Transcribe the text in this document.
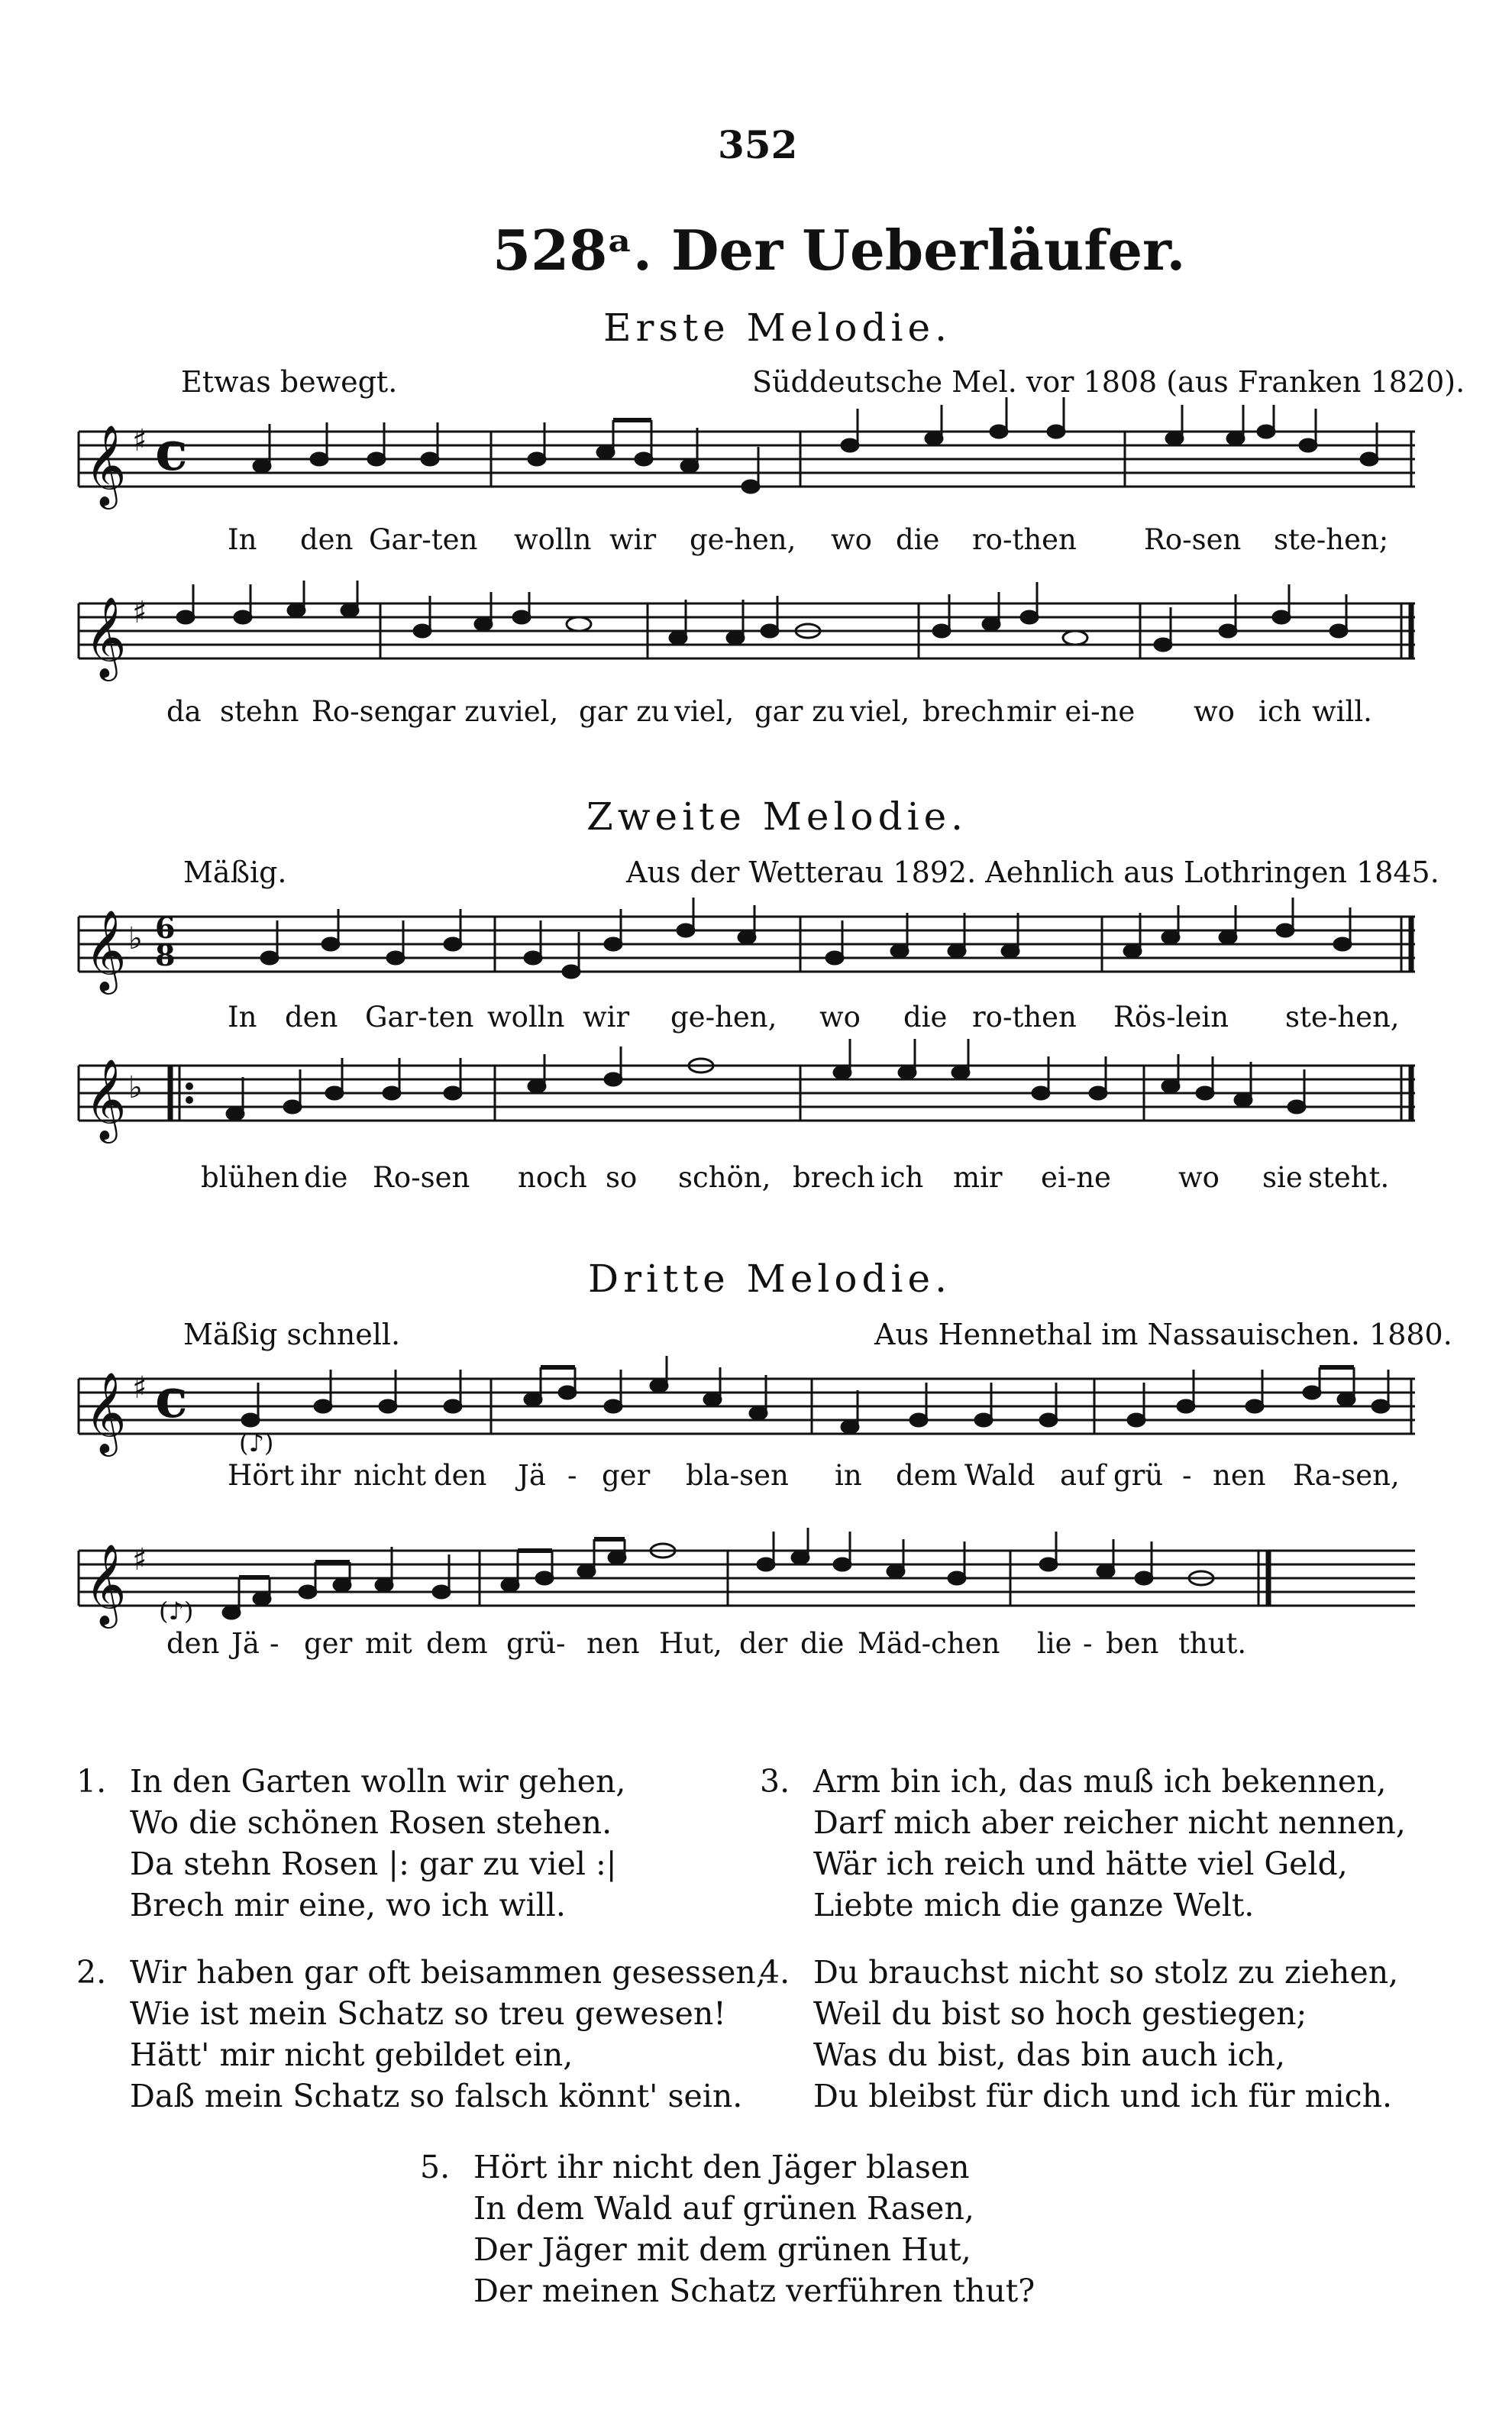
352
528ᵃ. Der Ueberläufer.
Erste Melodie.
Etwas bewegt.	Süddeutsche Mel. vor 1808 (aus Franken 1820).
𝄞 c
♯
In den Gar-ten wolln wir ge-hen, wo die ro-then Ro-sen ste-hen;
𝄞 ♯
da stehn Ro-sen
gar zu viel, gar zu viel, gar zu viel, brech mir ei-ne wo ich will.
Zweite Melodie.
Mäßig.	Aus der Wetterau 1892. Aehnlich aus Lothringen 1845.
𝄞 ♭ 6
8
In den Gar-ten wolln wir ge-hen, wo die ro-then Rös-lein ste-hen,
𝄞 ♭
blühen die Ro-sen noch so schön, brech ich mir ei-ne wo sie steht.
Dritte Melodie.
Mäßig schnell.	Aus Hennethal im Nassauischen. 1880.
𝄞 c
♯
(♪)
Hört ihr nicht den Jä - ger bla-sen in dem Wald auf grü - nen Ra-sen,
𝄞 ♯
(♪)
den Jä - ger mit dem grü - nen Hut, der die Mäd-chen lie - ben thut.
1. In den Garten wolln wir gehen,
Wo die schönen Rosen stehen.
Da stehn Rosen |: gar zu viel :|
Brech mir eine, wo ich will.
2. Wir haben gar oft beisammen gesessen,
Wie ist mein Schatz so treu gewesen!
Hätt' mir nicht gebildet ein,
Daß mein Schatz so falsch könnt' sein.
3. Arm bin ich, das muß ich bekennen,
Darf mich aber reicher nicht nennen,
Wär ich reich und hätte viel Geld,
Liebte mich die ganze Welt.
4. Du brauchst nicht so stolz zu ziehen,
Weil du bist so hoch gestiegen;
Was du bist, das bin auch ich,
Du bleibst für dich und ich für mich.
5. Hört ihr nicht den Jäger blasen
In dem Wald auf grünen Rasen,
Der Jäger mit dem grünen Hut,
Der meinen Schatz verführen thut?
